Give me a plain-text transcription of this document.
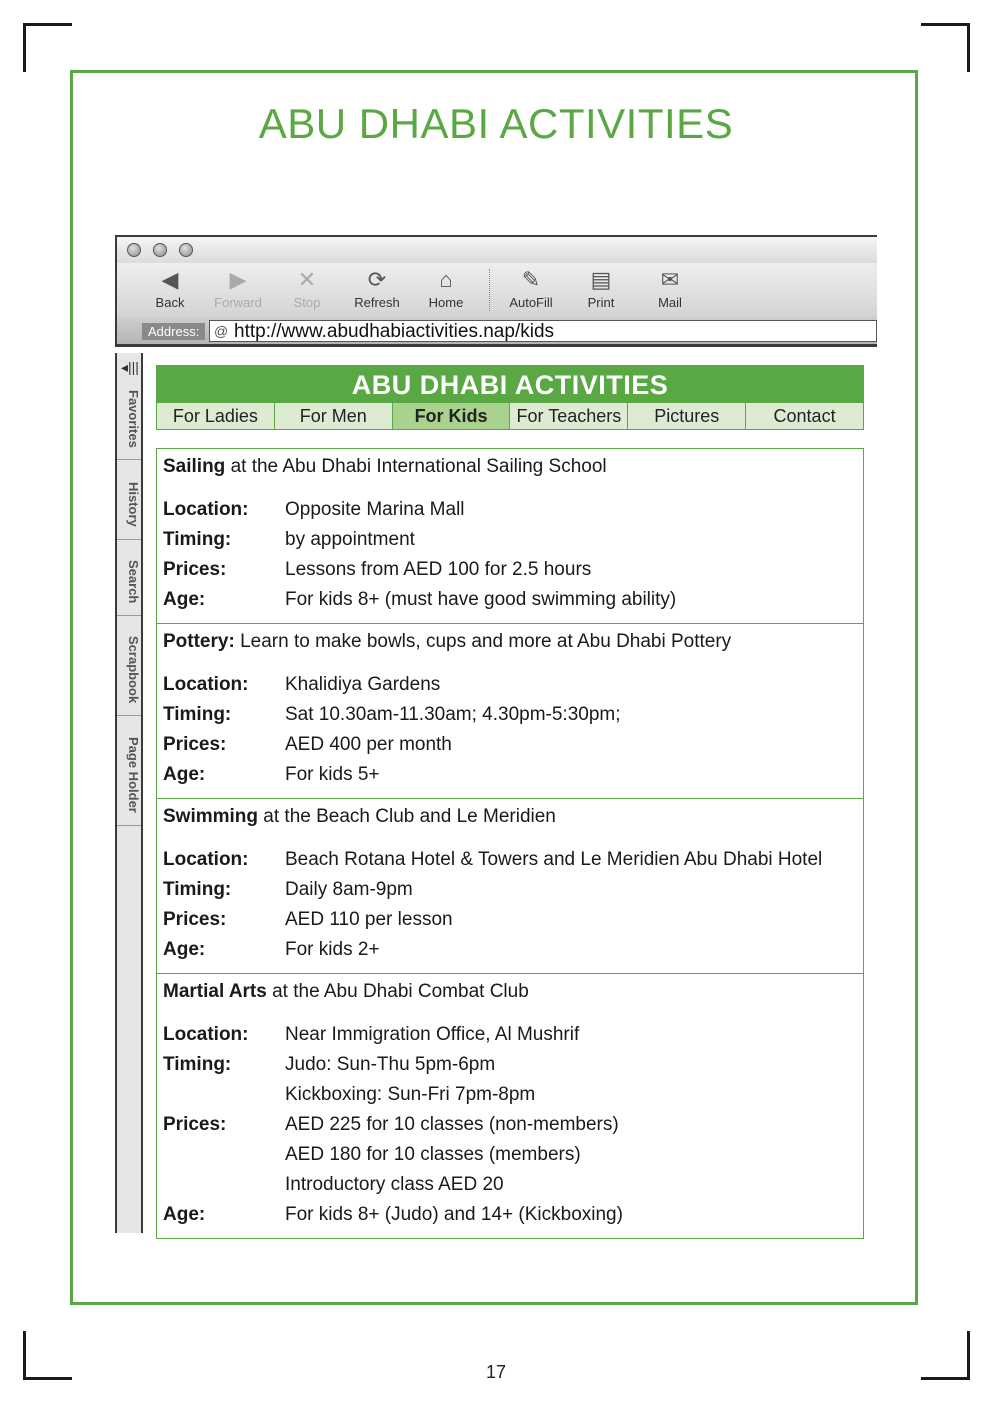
ABU DHABI ACTIVITIES
◀
Back
▶
Forward
✕
Stop
⟳
Refresh
⌂
Home
✎
AutoFill
▤
Print
✉
Mail
Address:	@ http://www.abudhabiactivities.nap/kids
◂|||
Favorites
History
Search
Scrapbook
Page Holder
ABU DHABI ACTIVITIES
For Ladies	For Men	For Kids	For Teachers	Pictures	Contact
Sailing at the Abu Dhabi International Sailing School
Location:	Opposite Marina Mall
Timing:	by appointment
Prices:	Lessons from AED 100 for 2.5 hours
Age:	For kids 8+ (must have good swimming ability)
Pottery: Learn to make bowls, cups and more at Abu Dhabi Pottery
Location:	Khalidiya Gardens
Timing:	Sat 10.30am-11.30am; 4.30pm-5:30pm;
Prices:	AED 400 per month
Age:	For kids 5+
Swimming at the Beach Club and Le Meridien
Location:	Beach Rotana Hotel & Towers and Le Meridien Abu Dhabi Hotel
Timing:	Daily 8am-9pm
Prices:	AED 110 per lesson
Age:	For kids 2+
Martial Arts at the Abu Dhabi Combat Club
Location:	Near Immigration Office, Al Mushrif
Timing:	Judo: Sun-Thu 5pm-6pm
Kickboxing: Sun-Fri 7pm-8pm
Prices:	AED 225 for 10 classes (non-members)
AED 180 for 10 classes (members)
Introductory class AED 20
Age:	For kids 8+ (Judo) and 14+ (Kickboxing)
17
